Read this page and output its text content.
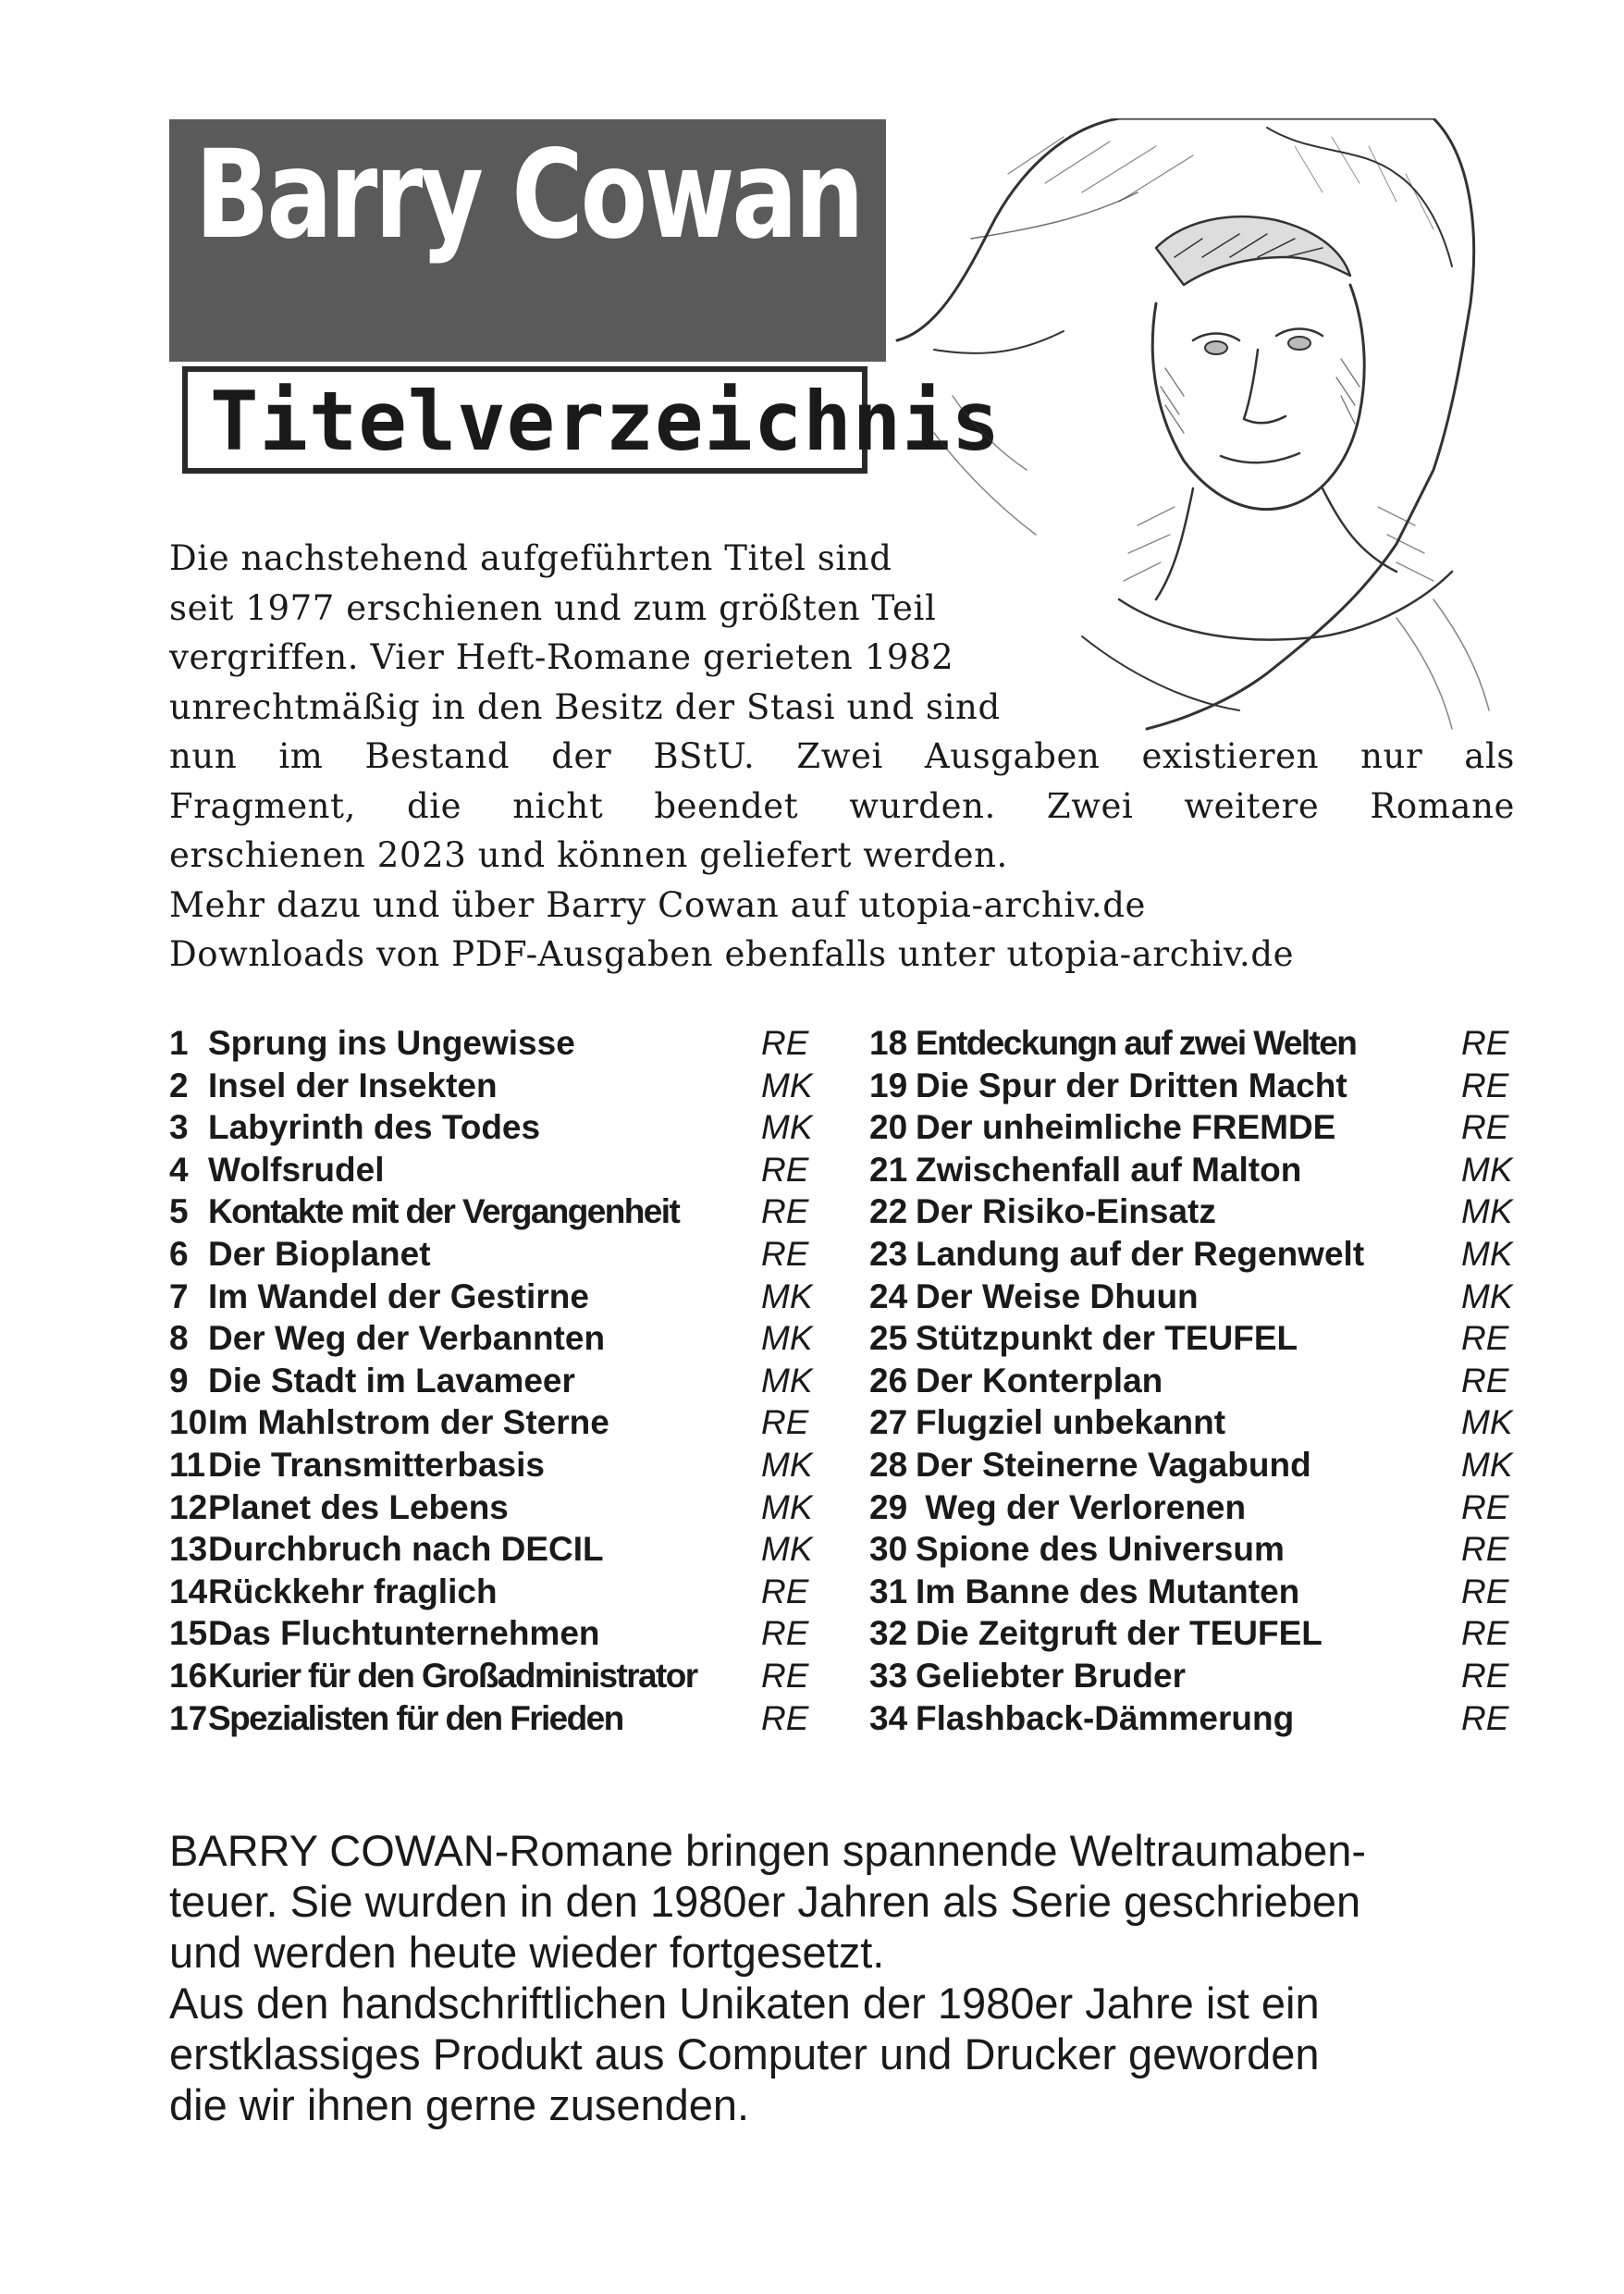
Barry Cowan
Titelverzeichnis
Die nachstehend aufgeführten Titel sind
seit 1977 erschienen und zum größten Teil
vergriffen. Vier Heft-Romane gerieten 1982
unrechtmäßig in den Besitz der Stasi und sind
nun im Bestand der BStU. Zwei Ausgaben existieren nur als
Fragment, die nicht beendet wurden. Zwei weitere Romane
erschienen 2023 und können geliefert werden.
Mehr dazu und über Barry Cowan auf utopia-archiv.de
Downloads von PDF-Ausgaben ebenfalls unter utopia-archiv.de
1 Sprung ins Ungewisse	RE
2 Insel der Insekten	MK
3 Labyrinth des Todes	MK
4 Wolfsrudel	RE
5 Kontakte mit der Vergangenheit RE
6 Der Bioplanet	RE
7 Im Wandel der Gestirne	MK
8 Der Weg der Verbannten	MK
9 Die Stadt im Lavameer	MK
10 Im Mahlstrom der Sterne	RE
11 Die Transmitterbasis	MK
12 Planet des Lebens	MK
13 Durchbruch nach DECIL	MK
14 Rückkehr fraglich	RE
15 Das Fluchtunternehmen	RE
16 Kurier für den Großadministrator RE
17 Spezialisten für den Frieden	RE
18 Entdeckungn auf zwei Welten	RE
19 Die Spur der Dritten Macht	RE
20 Der unheimliche FREMDE	RE
21 Zwischenfall auf Malton	MK
22 Der Risiko-Einsatz	MK
23 Landung auf der Regenwelt	MK
24 Der Weise Dhuun	MK
25 Stützpunkt der TEUFEL	RE
26 Der Konterplan	RE
27 Flugziel unbekannt	MK
28 Der Steinerne Vagabund	MK
29 Weg der Verlorenen	RE
30 Spione des Universum	RE
31 Im Banne des Mutanten	RE
32 Die Zeitgruft der TEUFEL	RE
33 Geliebter Bruder	RE
34 Flashback-Dämmerung	RE
BARRY COWAN-Romane bringen spannende Weltraumaben-
teuer. Sie wurden in den 1980er Jahren als Serie geschrieben
und werden heute wieder fortgesetzt.
Aus den handschriftlichen Unikaten der 1980er Jahre ist ein
erstklassiges Produkt aus Computer und Drucker geworden
die wir ihnen gerne zusenden.
